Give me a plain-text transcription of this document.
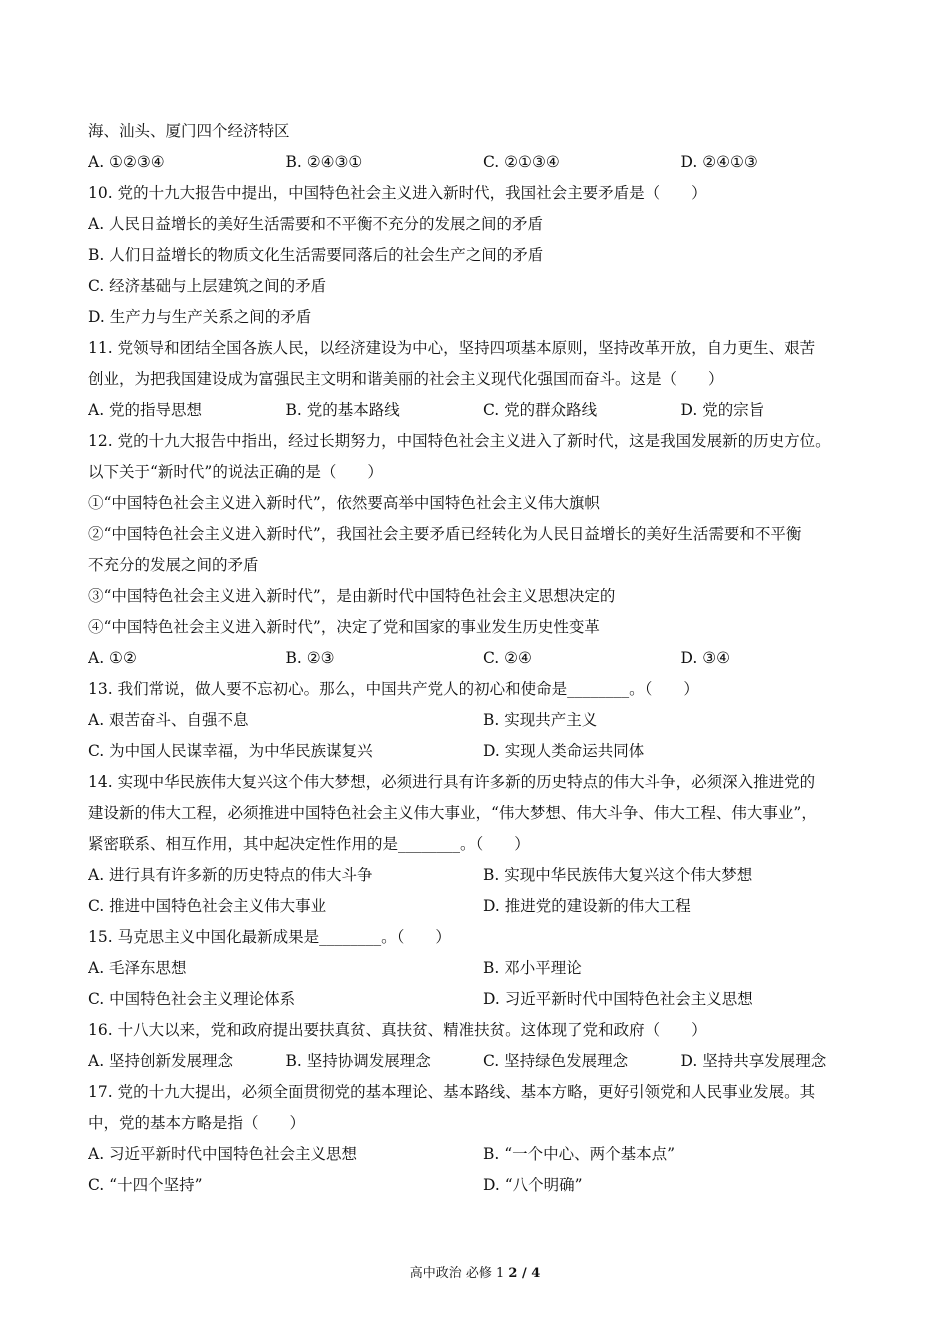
海、汕头、厦门四个经济特区
A. ①②③④	B. ②④③①	C. ②①③④	D. ②④①③
10. 党的十九大报告中提出，中国特色社会主义进入新时代，我国社会主要矛盾是（　　）
A. 人民日益增长的美好生活需要和不平衡不充分的发展之间的矛盾
B. 人们日益增长的物质文化生活需要同落后的社会生产之间的矛盾
C. 经济基础与上层建筑之间的矛盾
D. 生产力与生产关系之间的矛盾
11. 党领导和团结全国各族人民，以经济建设为中心，坚持四项基本原则，坚持改革开放，自力更生、艰苦
创业，为把我国建设成为富强民主文明和谐美丽的社会主义现代化强国而奋斗。这是（　　）
A. 党的指导思想	B. 党的基本路线	C. 党的群众路线	D. 党的宗旨
12. 党的十九大报告中指出，经过长期努力，中国特色社会主义进入了新时代，这是我国发展新的历史方位。
以下关于“新时代”的说法正确的是（　　）
①“中国特色社会主义进入新时代”，依然要高举中国特色社会主义伟大旗帜
②“中国特色社会主义进入新时代”，我国社会主要矛盾已经转化为人民日益增长的美好生活需要和不平衡
不充分的发展之间的矛盾
③“中国特色社会主义进入新时代”，是由新时代中国特色社会主义思想决定的
④“中国特色社会主义进入新时代”，决定了党和国家的事业发生历史性变革
A. ①②	B. ②③	C. ②④	D. ③④
13. 我们常说，做人要不忘初心。那么，中国共产党人的初心和使命是________。（　　）
A. 艰苦奋斗、自强不息	B. 实现共产主义
C. 为中国人民谋幸福，为中华民族谋复兴	D. 实现人类命运共同体
14. 实现中华民族伟大复兴这个伟大梦想，必须进行具有许多新的历史特点的伟大斗争，必须深入推进党的
建设新的伟大工程，必须推进中国特色社会主义伟大事业，“伟大梦想、伟大斗争、伟大工程、伟大事业”，
紧密联系、相互作用，其中起决定性作用的是________。（　　）
A. 进行具有许多新的历史特点的伟大斗争	B. 实现中华民族伟大复兴这个伟大梦想
C. 推进中国特色社会主义伟大事业	D. 推进党的建设新的伟大工程
15. 马克思主义中国化最新成果是________。（　　）
A. 毛泽东思想	B. 邓小平理论
C. 中国特色社会主义理论体系	D. 习近平新时代中国特色社会主义思想
16. 十八大以来，党和政府提出要扶真贫、真扶贫、精准扶贫。这体现了党和政府（　　）
A. 坚持创新发展理念	B. 坚持协调发展理念	C. 坚持绿色发展理念	D. 坚持共享发展理念
17. 党的十九大提出，必须全面贯彻党的基本理论、基本路线、基本方略，更好引领党和人民事业发展。其
中，党的基本方略是指（　　）
A. 习近平新时代中国特色社会主义思想	B. “一个中心、两个基本点”
C. “十四个坚持”	D. “八个明确”
高中政治 必修 1 2 / 4
